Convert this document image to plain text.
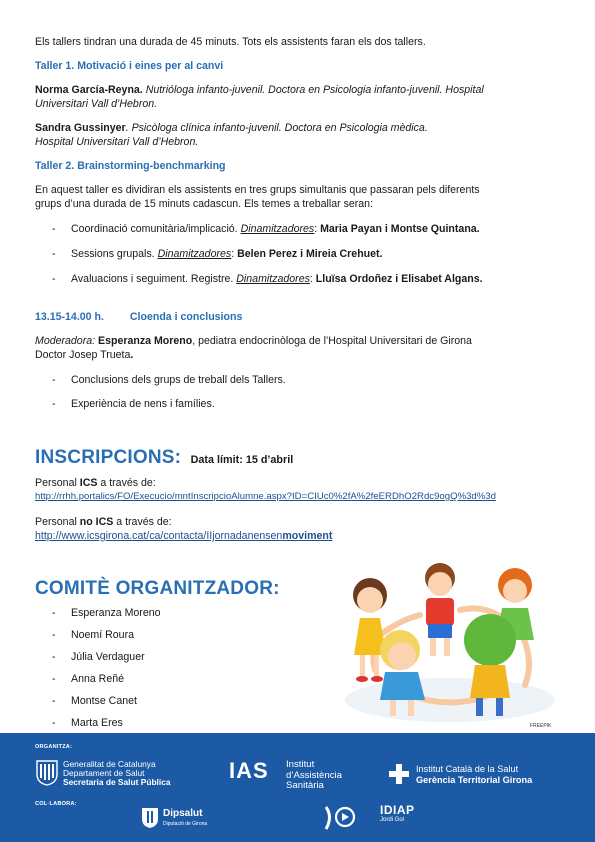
Els tallers tindran una durada de 45 minuts. Tots els assistents faran els dos tallers.

Taller 1. Motivació i eines per al canvi

Norma García-Reyna. Nutrióloga infanto-juvenil. Doctora en Psicologia infanto-juvenil. Hospital
Universitari Vall d’Hebron.

Sandra Gussinyer. Psicòloga clínica infanto-juvenil. Doctora en Psicologia mèdica.
Hospital Universitari Vall d’Hebron.

Taller 2. Brainstorming-benchmarking

En aquest taller es dividiran els assistents en tres grups simultanis que passaran pels diferents
grups d’una durada de 15 minuts cadascun. Els temes a treballar seran:

- Coordinació comunitària/implicació. Dinamitzadores: Maria Payan i Montse Quintana.
- Sessions grupals. Dinamitzadores: Belen Perez i Mireia Crehuet.
- Avaluacions i seguiment. Registre. Dinamitzadores: Lluïsa Ordoñez i Elisabet Algans.

13.15-14.00 h. Cloenda i conclusions

Moderadora: Esperanza Moreno, pediatra endocrinòloga de l’Hospital Universitari de Girona
Doctor Josep Trueta.

- Conclusions dels grups de treball dels Tallers.
- Experiència de nens i famílies.
INSCRIPCIONS: Data límit: 15 d’abril

Personal ICS a través de:

http://rrhh.portalics/FO/Execucio/mntInscripcioAlumne.aspx?ID=CIUc0%2fA%2feERDhO2Rdc9ogQ%3d%3d

Personal no ICS a través de:

http://www.icsgirona.cat/ca/contacta/IIjornadanensenmoviment
COMITÈ ORGANITZADOR:
- Esperanza Moreno
- Noemí Roura
- Júlia Verdaguer
- Anna Reñé
- Montse Canet
- Marta Eres	FREEPIK
ORGANITZA:
COL·LABORA:
Generalitat de Catalunya
Departament de Salut
Secretaria de Salut Pública	IAS Institut
d’Assistència
Sanitària
Institut Català de la Salut
Gerència Territorial Girona
Dipsalut
Diputació de Girona
IDIAP
Jordi Gol
